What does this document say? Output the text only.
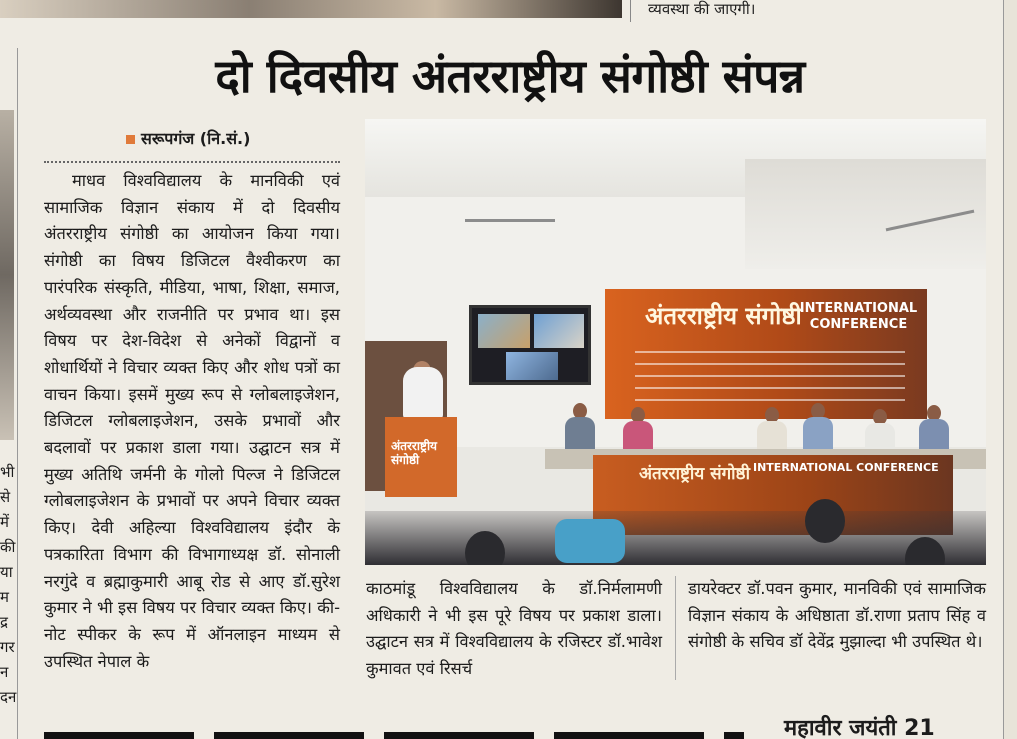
व्यवस्था की जाएगी।
भी
से
में
की
या
म
द्र
गर
न
दन
दो दिवसीय अंतरराष्ट्रीय संगोष्ठी संपन्न
सरूपगंज (नि.सं.)

माधव विश्वविद्यालय के मानविकी एवं सामाजिक विज्ञान संकाय में दो दिवसीय अंतरराष्ट्रीय संगोष्ठी का आयोजन किया गया। संगोष्ठी का विषय डिजिटल वैश्वीकरण का पारंपरिक संस्कृति, मीडिया, भाषा, शिक्षा, समाज, अर्थव्यवस्था और राजनीति पर प्रभाव था। इस विषय पर देश-विदेश से अनेकों विद्वानों व शोधार्थियों ने विचार व्यक्त किए और शोध पत्रों का वाचन किया। इसमें मुख्य रूप से ग्लोबलाइजेशन, डिजिटल ग्लोबलाइजेशन, उसके प्रभावों और बदलावों पर प्रकाश डाला गया। उद्घाटन सत्र में मुख्य अतिथि जर्मनी के गोलो पिल्ज ने डिजिटल ग्लोबलाइजेशन के प्रभावों पर अपने विचार व्यक्त किए। देवी अहिल्या विश्वविद्यालय इंदौर के पत्रकारिता विभाग की विभागाध्यक्ष डॉ. सोनाली नरगुंदे व ब्रह्माकुमारी आबू रोड से आए डॉ.सुरेश कुमार ने भी इस विषय पर विचार व्यक्त किए। की-नोट स्पीकर के रूप में ऑनलाइन माध्यम से उपस्थित नेपाल के

अंतरराष्ट्रीय संगोष्ठी
INTERNATIONAL CONFERENCE
अंतरराष्ट्रीय संगोष्ठी
अंतरराष्ट्रीय संगोष्ठी INTERNATIONAL CONFERENCE

काठमांडू विश्वविद्यालय के डॉ.निर्मलामणी अधिकारी ने भी इस पूरे विषय पर प्रकाश डाला। उद्घाटन सत्र में विश्वविद्यालय के रजिस्टर डॉ.भावेश कुमावत एवं रिसर्च

डायरेक्टर डॉ.पवन कुमार, मानविकी एवं सामाजिक विज्ञान संकाय के अधिष्ठाता डॉ.राणा प्रताप सिंह व संगोष्ठी के सचिव डॉ देवेंद्र मुझाल्दा भी उपस्थित थे।

महावीर जयंती 21
